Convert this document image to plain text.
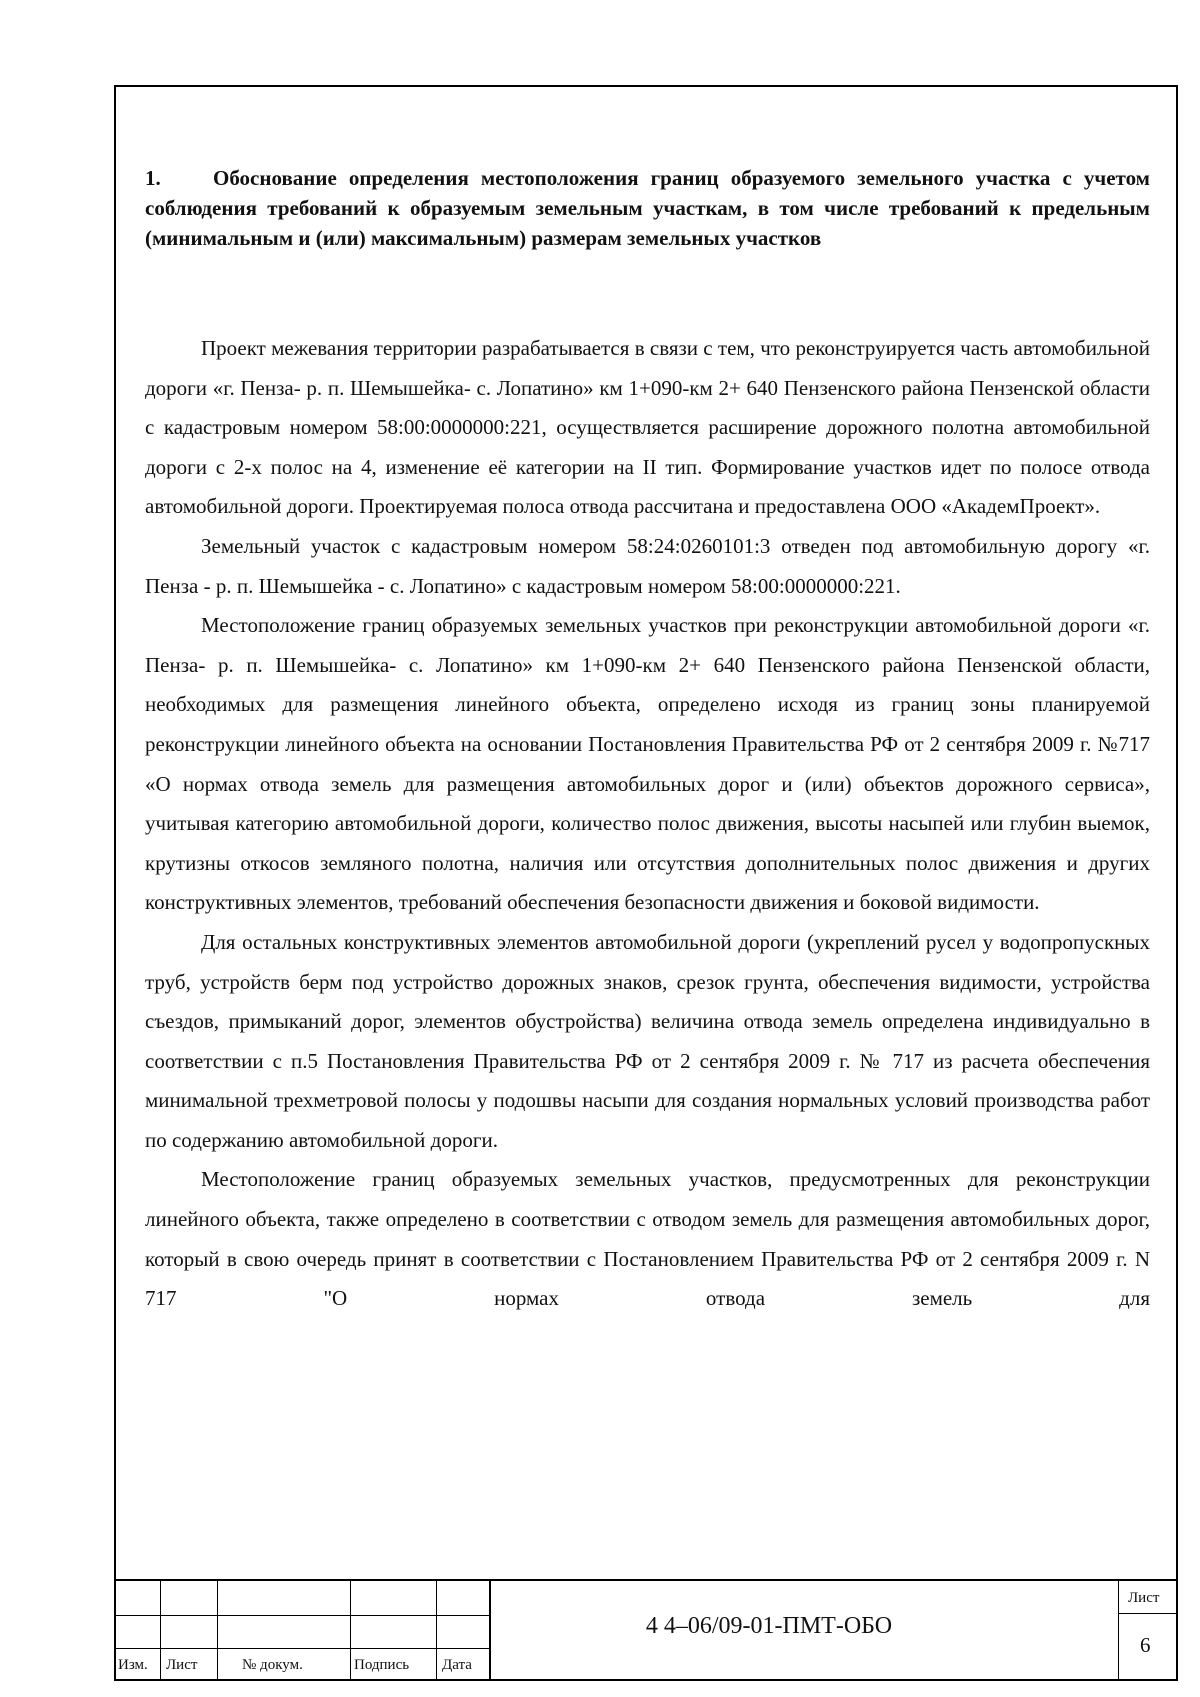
1. Обоснование определения местоположения границ образуемого земельного участка с учетом соблюдения требований к образуемым земельным участкам, в том числе требований к предельным (минимальным и (или) максимальным) размерам земельных участков

Проект межевания территории разрабатывается в связи с тем, что реконструируется часть автомобильной дороги «г. Пенза- р. п. Шемышейка- с. Лопатино» км 1+090-км 2+ 640 Пензенского района Пензенской области с кадастровым номером 58:00:0000000:221, осуществляется расширение дорожного полотна автомобильной дороги с 2-х полос на 4, изменение её категории на II тип. Формирование участков идет по полосе отвода автомобильной дороги. Проектируемая полоса отвода рассчитана и предоставлена ООО «АкадемПроект».

Земельный участок с кадастровым номером 58:24:0260101:3 отведен под автомобильную дорогу «г. Пенза - р. п. Шемышейка - с. Лопатино» с кадастровым номером 58:00:0000000:221.

Местоположение границ образуемых земельных участков при реконструкции автомобильной дороги «г. Пенза- р. п. Шемышейка- с. Лопатино» км 1+090-км 2+ 640 Пензенского района Пензенской области, необходимых для размещения линейного объекта, определено исходя из границ зоны планируемой реконструкции линейного объекта на основании Постановления Правительства РФ от 2 сентября 2009 г. №717 «О нормах отвода земель для размещения автомобильных дорог и (или) объектов дорожного сервиса», учитывая категорию автомобильной дороги, количество полос движения, высоты насыпей или глубин выемок, крутизны откосов земляного полотна, наличия или отсутствия дополнительных полос движения и других конструктивных элементов, требований обеспечения безопасности движения и боковой видимости.

Для остальных конструктивных элементов автомобильной дороги (укреплений русел у водопропускных труб, устройств берм под устройство дорожных знаков, срезок грунта, обеспечения видимости, устройства съездов, примыканий дорог, элементов обустройства) величина отвода земель определена индивидуально в соответствии с п.5 Постановления Правительства РФ от 2 сентября 2009 г. № 717 из расчета обеспечения минимальной трехметровой полосы у подошвы насыпи для создания нормальных условий производства работ по содержанию автомобильной дороги.

Местоположение границ образуемых земельных участков, предусмотренных для реконструкции линейного объекта, также определено в соответствии с отводом земель для размещения автомобильных дорог, который в свою очередь принят в соответствии с Постановлением Правительства РФ от 2 сентября 2009 г. N 717 "О нормах отвода земель для

Изм. Лист	№ докум.	Подпись Дата
4 4–06/09-01-ПМТ-ОБО
Лист
6
